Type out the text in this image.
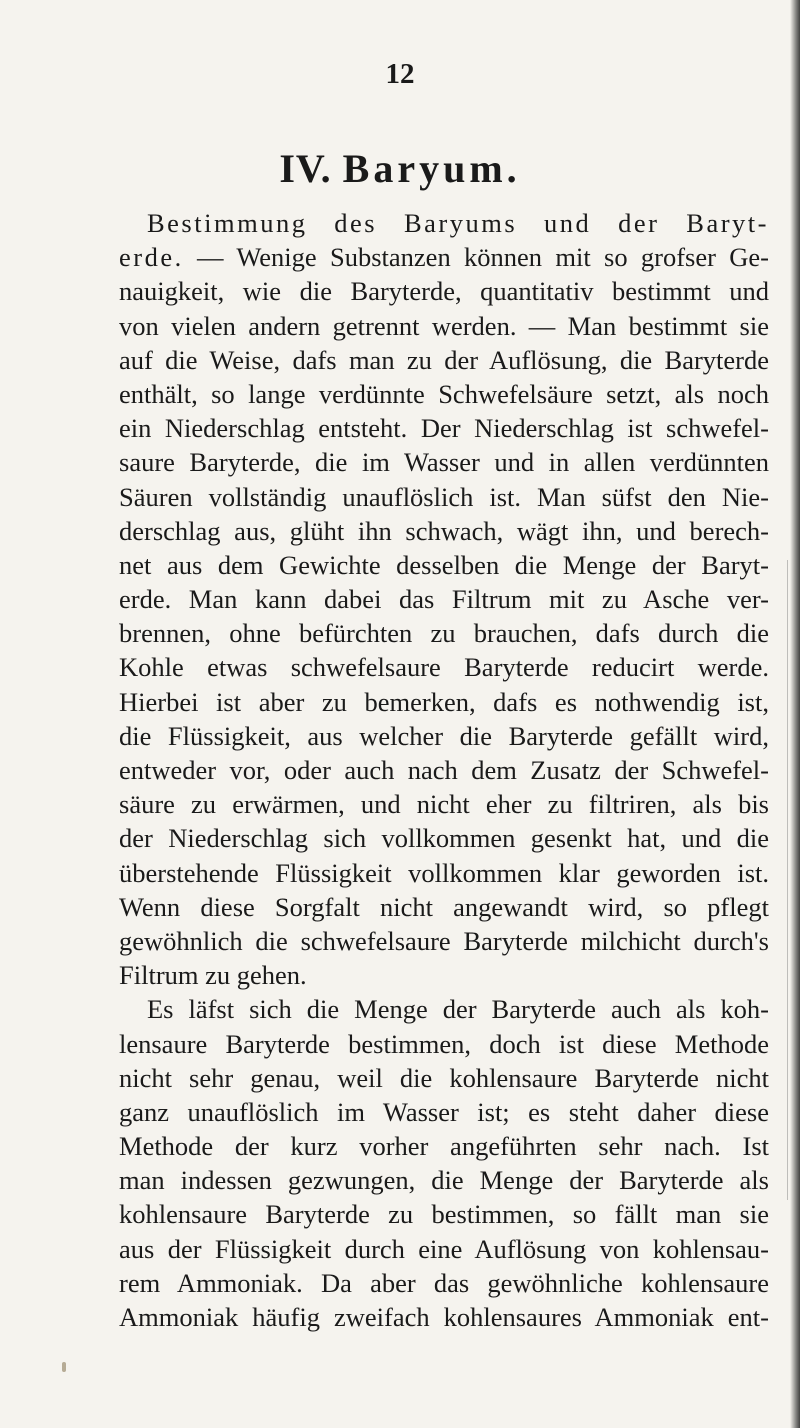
12
IV. Baryum.
Bestimmung des Baryums und der Baryt-
erde. — Wenige Substanzen können mit so grofser Ge-
nauigkeit, wie die Baryterde, quantitativ bestimmt und
von vielen andern getrennt werden. — Man bestimmt sie
auf die Weise, dafs man zu der Auflösung, die Baryterde
enthält, so lange verdünnte Schwefelsäure setzt, als noch
ein Niederschlag entsteht. Der Niederschlag ist schwefel-
saure Baryterde, die im Wasser und in allen verdünnten
Säuren vollständig unauflöslich ist. Man süfst den Nie-
derschlag aus, glüht ihn schwach, wägt ihn, und berech-
net aus dem Gewichte desselben die Menge der Baryt-
erde. Man kann dabei das Filtrum mit zu Asche ver-
brennen, ohne befürchten zu brauchen, dafs durch die
Kohle etwas schwefelsaure Baryterde reducirt werde.
Hierbei ist aber zu bemerken, dafs es nothwendig ist,
die Flüssigkeit, aus welcher die Baryterde gefällt wird,
entweder vor, oder auch nach dem Zusatz der Schwefel-
säure zu erwärmen, und nicht eher zu filtriren, als bis
der Niederschlag sich vollkommen gesenkt hat, und die
überstehende Flüssigkeit vollkommen klar geworden ist.
Wenn diese Sorgfalt nicht angewandt wird, so pflegt
gewöhnlich die schwefelsaure Baryterde milchicht durch's
Filtrum zu gehen.
Es läfst sich die Menge der Baryterde auch als koh-
lensaure Baryterde bestimmen, doch ist diese Methode
nicht sehr genau, weil die kohlensaure Baryterde nicht
ganz unauflöslich im Wasser ist; es steht daher diese
Methode der kurz vorher angeführten sehr nach. Ist
man indessen gezwungen, die Menge der Baryterde als
kohlensaure Baryterde zu bestimmen, so fällt man sie
aus der Flüssigkeit durch eine Auflösung von kohlensau-
rem Ammoniak. Da aber das gewöhnliche kohlensaure
Ammoniak häufig zweifach kohlensaures Ammoniak ent-
